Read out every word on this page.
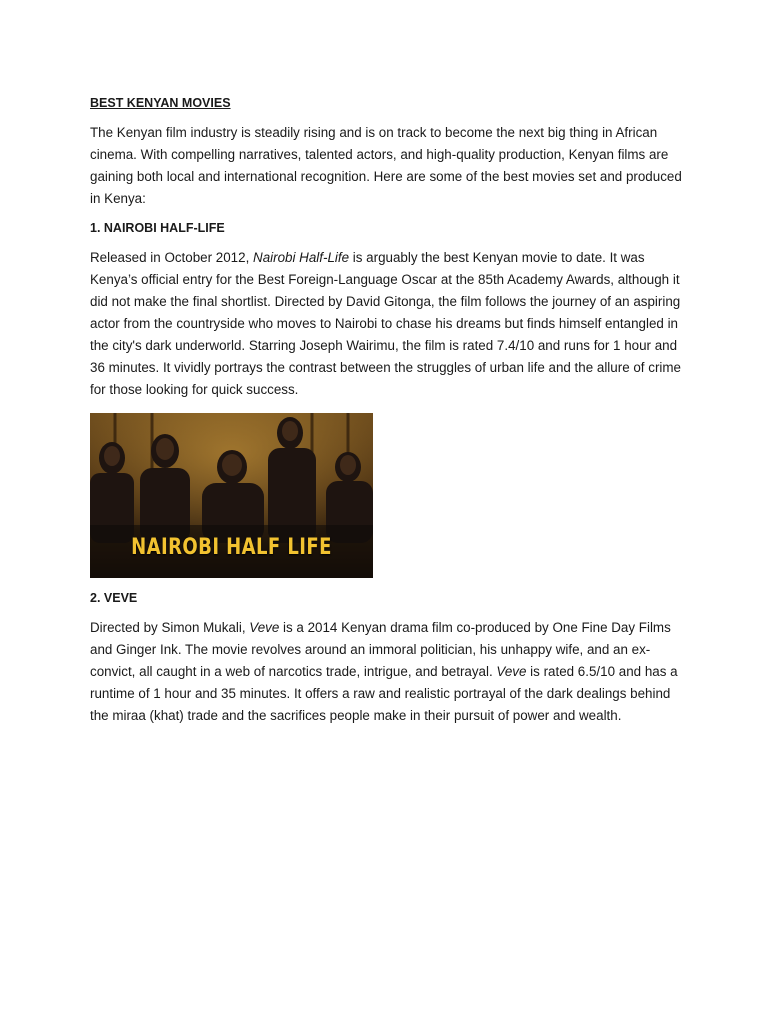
BEST KENYAN MOVIES

The Kenyan film industry is steadily rising and is on track to become the next big thing in African cinema. With compelling narratives, talented actors, and high-quality production, Kenyan films are gaining both local and international recognition. Here are some of the best movies set and produced in Kenya:

1. NAIROBI HALF-LIFE

Released in October 2012, Nairobi Half-Life is arguably the best Kenyan movie to date. It was Kenya’s official entry for the Best Foreign-Language Oscar at the 85th Academy Awards, although it did not make the final shortlist. Directed by David Gitonga, the film follows the journey of an aspiring actor from the countryside who moves to Nairobi to chase his dreams but finds himself entangled in the city's dark underworld. Starring Joseph Wairimu, the film is rated 7.4/10 and runs for 1 hour and 36 minutes. It vividly portrays the contrast between the struggles of urban life and the allure of crime for those looking for quick success.

NAIROBI HALF LIFE
2. VEVE

Directed by Simon Mukali, Veve is a 2014 Kenyan drama film co-produced by One Fine Day Films and Ginger Ink. The movie revolves around an immoral politician, his unhappy wife, and an ex-convict, all caught in a web of narcotics trade, intrigue, and betrayal. Veve is rated 6.5/10 and has a runtime of 1 hour and 35 minutes. It offers a raw and realistic portrayal of the dark dealings behind the miraa (khat) trade and the sacrifices people make in their pursuit of power and wealth.
